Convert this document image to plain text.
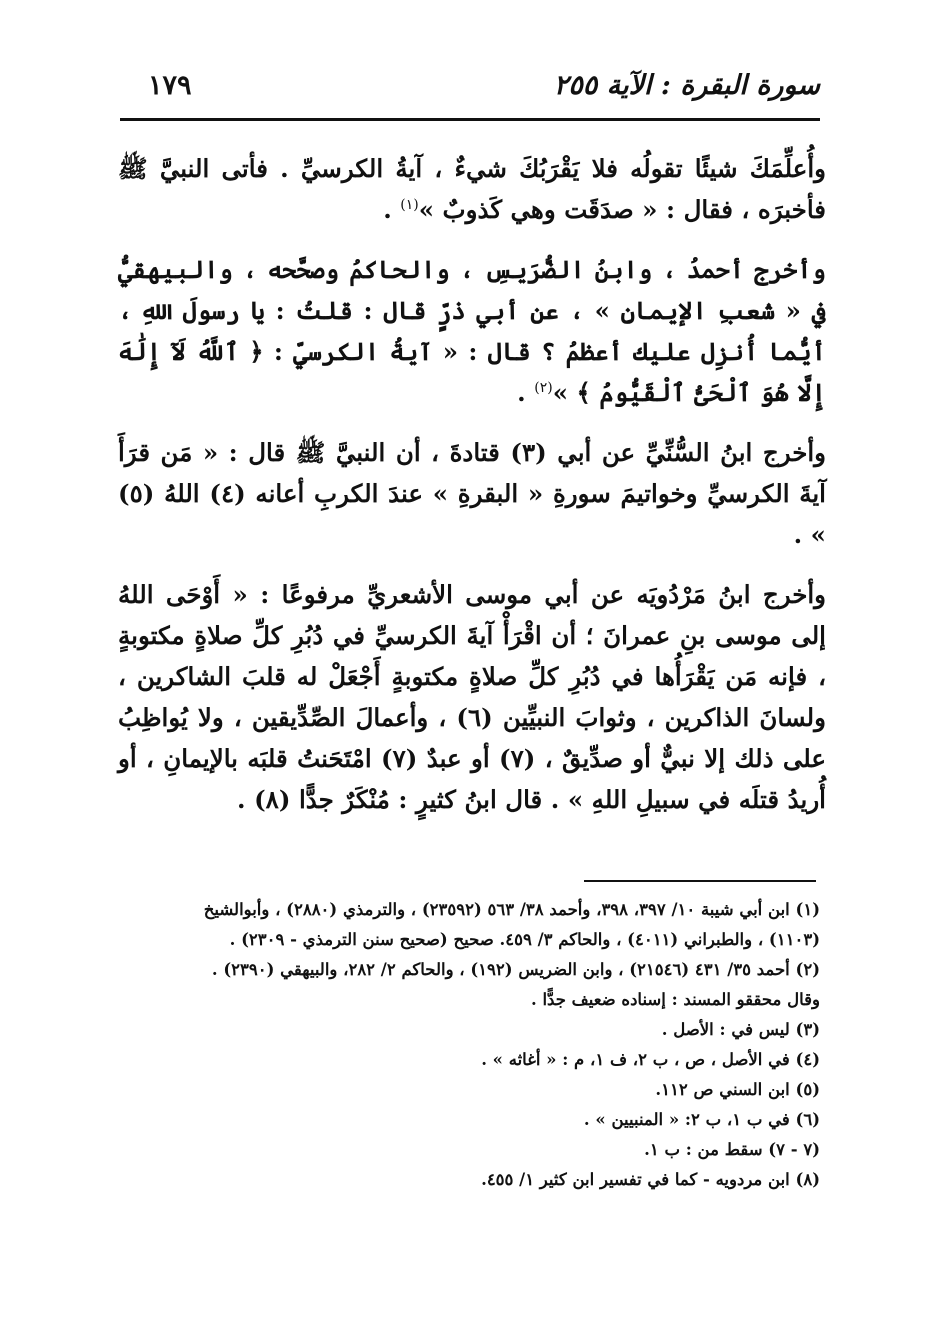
سورة البقرة : الآية ٢٥٥
١٧٩

وأُعلِّمَكَ شيئًا تقولُه فلا يَقْرَبُكَ شيءٌ ، آيةُ الكرسيِّ . فأتى النبيَّ ﷺ فأخبرَه ، فقال : « صدَقَت وهي كَذوبٌ »$^{(١)}$ .

وأخرج أحمدُ ، وابنُ الضُّرَيسِ ، والحاكمُ وصحَّحه ، والبيهقيُّ في « شعبِ الإيمانِ » ، عن أبي ذرٍّ قال : قلتُ : يا رسولَ اللهِ ، أيُّما أُنزِل عليك أعظمُ ؟ قال : « آيةُ الكرسيِّ : ﴿ ٱللَّهُ لَآ إِلَٰهَ إِلَّا هُوَ ٱلْحَىُّ ٱلْقَيُّومُ ﴾ »$^{(٢)}$ .

وأخرج ابنُ السُّنِّيِّ عن أبي (٣) قتادةَ ، أن النبيَّ ﷺ قال : « مَن قرَأَ آيةَ الكرسيِّ وخواتيمَ سورةِ « البقرةِ » عندَ الكربِ أعانه (٤) اللهُ (٥) » .

وأخرج ابنُ مَرْدُويَه عن أبي موسى الأشعريِّ مرفوعًا : « أَوْحَى اللهُ إلى موسى بنِ عمرانَ ؛ أن اقْرَأْ آيةَ الكرسيِّ في دُبُرِ كلِّ صلاةٍ مكتوبةٍ ، فإنه مَن يَقْرَأُها في دُبُرِ كلِّ صلاةٍ مكتوبةٍ أَجْعَلْ له قلبَ الشاكرين ، ولسانَ الذاكرين ، وثوابَ النبيِّين (٦) ، وأعمالَ الصِّدِّيقين ، ولا يُواظِبُ على ذلك إلا نبيٌّ أو صدِّيقٌ ، (٧) أو عبدٌ (٧) امْتَحَنتُ قلبَه بالإيمانِ ، أو أُريدُ قتلَه في سبيلِ اللهِ » . قال ابنُ كثيرٍ : مُنْكَرٌ جدًّا (٨) .

(١) ابن أبي شيبة ١٠/ ٣٩٧، ٣٩٨، وأحمد ٣٨/ ٥٦٣ (٢٣٥٩٢) ، والترمذي (٢٨٨٠) ، وأبوالشيخ

(١١٠٣) ، والطبراني (٤٠١١) ، والحاكم ٣/ ٤٥٩. صحيح (صحيح سنن الترمذي - ٢٣٠٩) .

(٢) أحمد ٣٥/ ٤٣١ (٢١٥٤٦) ، وابن الضريس (١٩٢) ، والحاكم ٢/ ٢٨٢، والبيهقي (٢٣٩٠) .

وقال محققو المسند : إسناده ضعيف جدًّا .

(٣) ليس في : الأصل .

(٤) في الأصل ، ص ، ب ٢، ف ١، م : « أغاثه » .

(٥) ابن السني ص ١١٢.

(٦) في ب ١، ب ٢: « المنبيين » .

(٧ - ٧) سقط من : ب ١.

(٨) ابن مردويه - كما في تفسير ابن كثير ١/ ٤٥٥.
